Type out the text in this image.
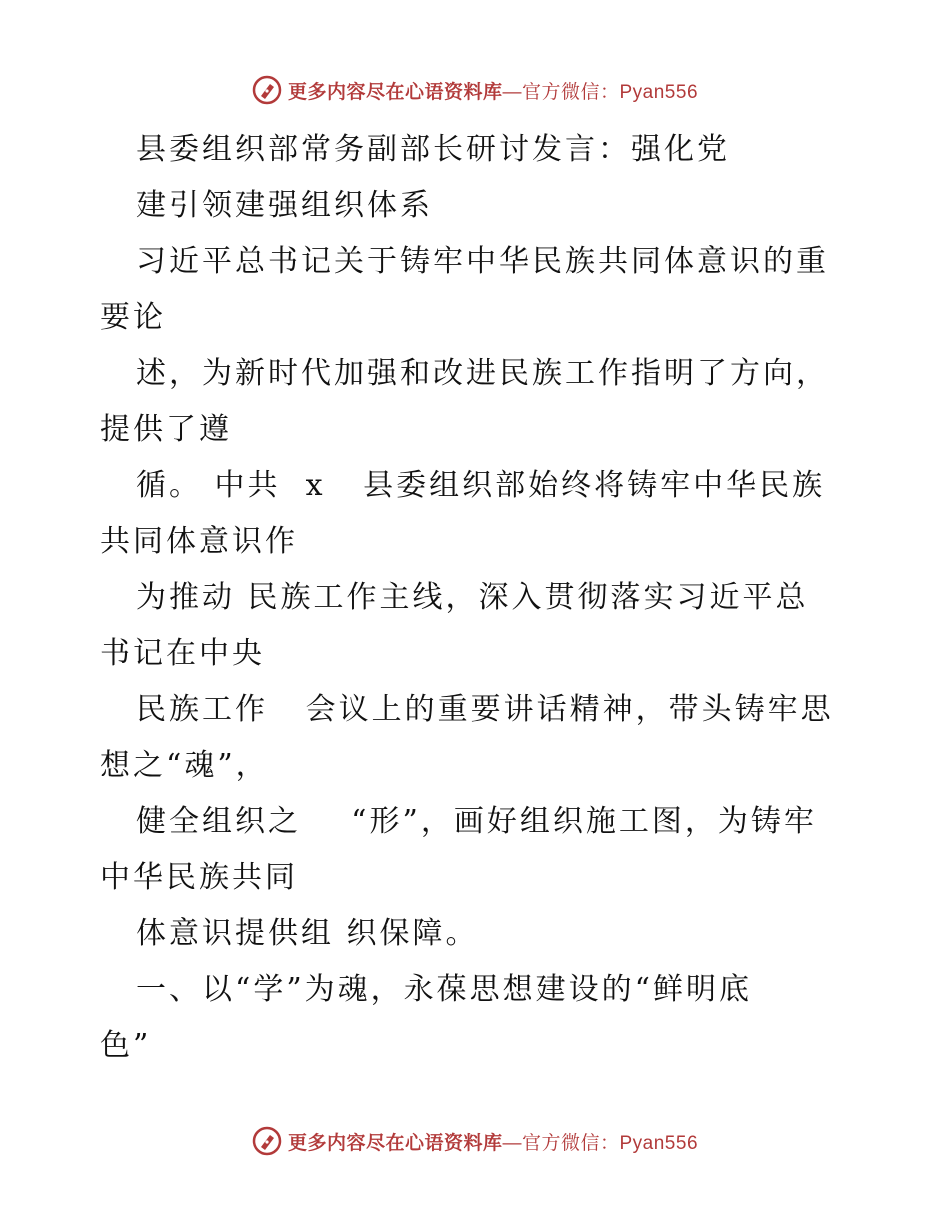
更多内容尽在心语资料库—官方微信：Pyan556
县委组织部常务副部长研讨发言：强化党
建引领建强组织体系
习近平总书记关于铸牢中华民族共同体意识的重
要论
述，为新时代加强和改进民族工作指明了方向，
提供了遵
循。 中共  x   县委组织部始终将铸牢中华民族
共同体意识作
为推动 民族工作主线，深入贯彻落实习近平总
书记在中央
民族工作   会议上的重要讲话精神，带头铸牢思
想之“魂”，
健全组织之    “形”，画好组织施工图，为铸牢
中华民族共同
体意识提供组 织保障。
一、以“学”为魂，永葆思想建设的“鲜明底
色”
更多内容尽在心语资料库—官方微信：Pyan556
